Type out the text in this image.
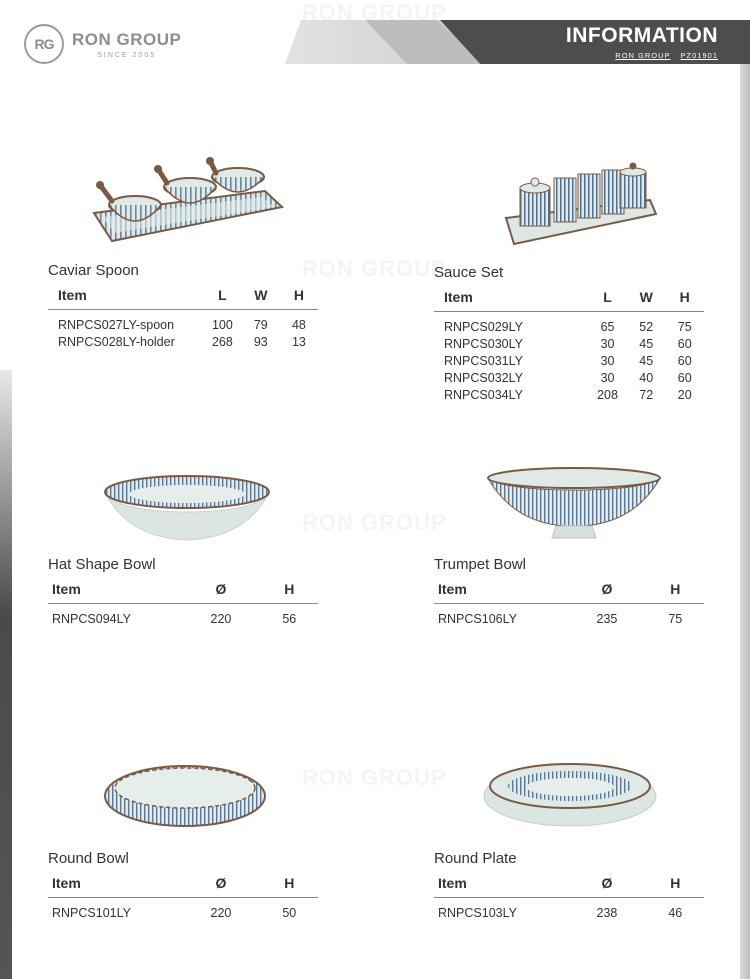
RG	RON GROUP
SINCE 2005
INFORMATION
RON GROUP PZ01901
Caviar Spoon
Item	L	W	H
RNPCS027LY-spoon	100	79	48
RNPCS028LY-holder	268	93	13
Sauce Set
Item	L	W	H
RNPCS029LY	65	52	75
RNPCS030LY	30	45	60
RNPCS031LY	30	45	60
RNPCS032LY	30	40	60
RNPCS034LY	208	72	20
Hat Shape Bowl
Item	Ø	H
RNPCS094LY	220	56
Trumpet Bowl
Item	Ø	H
RNPCS106LY	235	75
Round Bowl
Item	Ø	H
RNPCS101LY	220	50
Round Plate
Item	Ø	H
RNPCS103LY	238	46
